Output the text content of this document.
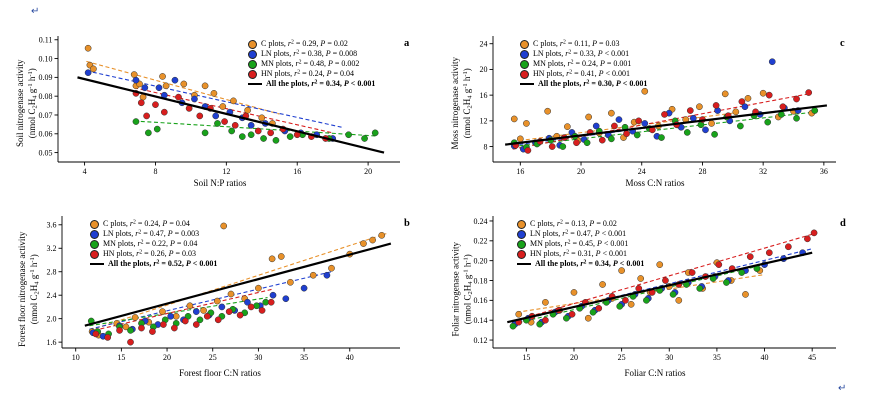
↵
↵
4	8	12	16	20
0.05
0.06
0.07
0.08
0.09
0.10
0.11	C plots, $r^2 = 0.29$, P = 0.02
LN plots, $r^2 = 0.38$, P = 0.008
MN plots, $r^2 = 0.48$, P = 0.002
HN plots, $r^2 = 0.24$, P = 0.04
All the plots, $r^2 = 0.34$, P < 0.001
a
Soil N:P ratios
Soil nitrogenase activity (nmol $C_2H_4$ $g^{-1}$ $h^{-1}$)
16	20	24	28	32	36
8
12
16
20
24	C plots, $r^2 = 0.11$, P = 0.03
LN plots, $r^2 = 0.33$, P < 0.001
MN plots, $r^2 = 0.24$, P = 0.001
HN plots, $r^2 = 0.41$, P < 0.001
All the plots, $r^2 = 0.30$, P < 0.001
c
Moss C:N ratios
Moss nitrogenase activity (nmol $C_2H_4$ $g^{-1}$ $h^{-1}$)
10	15	20	25	30	35	40
1.6
2.0
2.4
2.8
3.2
3.6	C plots, $r^2 = 0.24$, P = 0.04
LN plots, $r^2 = 0.47$, P = 0.003
MN plots, $r^2 = 0.22$, P = 0.04
HN plots, $r^2 = 0.26$, P = 0.03
All the plots, $r^2 = 0.52$, P < 0.001
b
Forest floor C:N ratios
Forest floor nitrogenase activity (nmol $C_2H_4$ $g^{-1}$ $h^{-1}$)
15	20	25	30	35	40	45
0.12
0.14
0.16
0.18
0.20
0.22
0.24	C plots, $r^2 = 0.13$, P = 0.02
LN plots, $r^2 = 0.47$, P < 0.001
MN plots, $r^2 = 0.45$, P < 0.001
HN plots, $r^2 = 0.31$, P < 0.001
All the plots, $r^2 = 0.34$, P < 0.001
d
Foliar C:N ratios
Foliar nitrogenase activity (nmol $C_2H_4$ $g^{-1}$ $h^{-1}$)
